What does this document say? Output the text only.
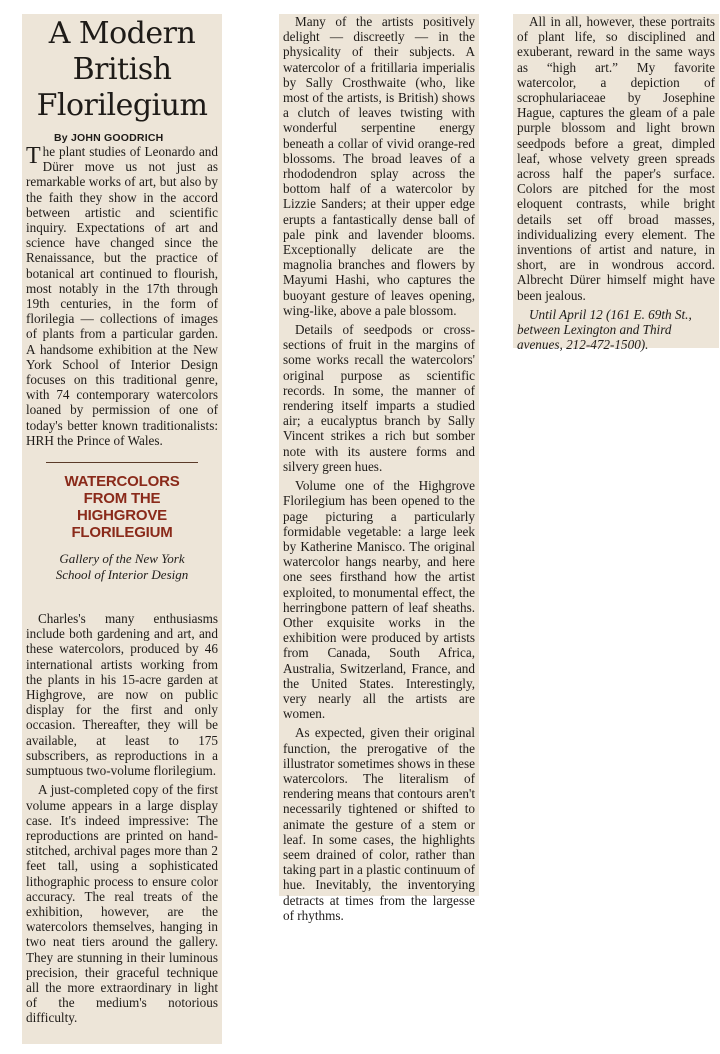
A Modern British Florilegium
By JOHN GOODRICH

The plant studies of Leonardo and Dürer move us not just as remarkable works of art, but also by the faith they show in the accord between artistic and scientific inquiry. Expectations of art and science have changed since the Renaissance, but the practice of botanical art continued to flourish, most notably in the 17th through 19th centuries, in the form of florilegia — collections of images of plants from a particular garden. A handsome exhibition at the New York School of Interior Design focuses on this traditional genre, with 74 contemporary watercolors loaned by permission of one of today's better known traditionalists: HRH the Prince of Wales.

WATERCOLORS FROM THE HIGHGROVE FLORILEGIUM
Gallery of the New York School of Interior Design

Charles's many enthusiasms include both gardening and art, and these watercolors, produced by 46 international artists working from the plants in his 15-acre garden at Highgrove, are now on public display for the first and only occasion. Thereafter, they will be available, at least to 175 subscribers, as reproductions in a sumptuous two-volume florilegium.

A just-completed copy of the first volume appears in a large display case. It's indeed impressive: The reproductions are printed on hand-stitched, archival pages more than 2 feet tall, using a sophisticated lithographic process to ensure color accuracy. The real treats of the exhibition, however, are the watercolors themselves, hanging in two neat tiers around the gallery. They are stunning in their luminous precision, their graceful technique all the more extraordinary in light of the medium's notorious difficulty.

Many of the artists positively delight — discreetly — in the physicality of their subjects. A watercolor of a fritillaria imperialis by Sally Crosthwaite (who, like most of the artists, is British) shows a clutch of leaves twisting with wonderful serpentine energy beneath a collar of vivid orange-red blossoms. The broad leaves of a rhododendron splay across the bottom half of a watercolor by Lizzie Sanders; at their upper edge erupts a fantastically dense ball of pale pink and lavender blooms. Exceptionally delicate are the magnolia branches and flowers by Mayumi Hashi, who captures the buoyant gesture of leaves opening, wing-like, above a pale blossom.

Details of seedpods or cross-sections of fruit in the margins of some works recall the watercolors' original purpose as scientific records. In some, the manner of rendering itself imparts a studied air; a eucalyptus branch by Sally Vincent strikes a rich but somber note with its austere forms and silvery green hues.

Volume one of the Highgrove Florilegium has been opened to the page picturing a particularly formidable vegetable: a large leek by Katherine Manisco. The original watercolor hangs nearby, and here one sees firsthand how the artist exploited, to monumental effect, the herringbone pattern of leaf sheaths. Other exquisite works in the exhibition were produced by artists from Canada, South Africa, Australia, Switzerland, France, and the United States. Interestingly, very nearly all the artists are women.

As expected, given their original function, the prerogative of the illustrator sometimes shows in these watercolors. The literalism of rendering means that contours aren't necessarily tightened or shifted to animate the gesture of a stem or leaf. In some cases, the highlights seem drained of color, rather than taking part in a plastic continuum of hue. Inevitably, the inventorying detracts at times from the largesse of rhythms.

All in all, however, these portraits of plant life, so disciplined and exuberant, reward in the same ways as “high art.” My favorite watercolor, a depiction of scrophulariaceae by Josephine Hague, captures the gleam of a pale purple blossom and light brown seedpods before a great, dimpled leaf, whose velvety green spreads across half the paper's surface. Colors are pitched for the most eloquent contrasts, while bright details set off broad masses, individualizing every element. The inventions of artist and nature, in short, are in wondrous accord. Albrecht Dürer himself might have been jealous.

Until April 12 (161 E. 69th St., between Lexington and Third avenues, 212-472-1500).
